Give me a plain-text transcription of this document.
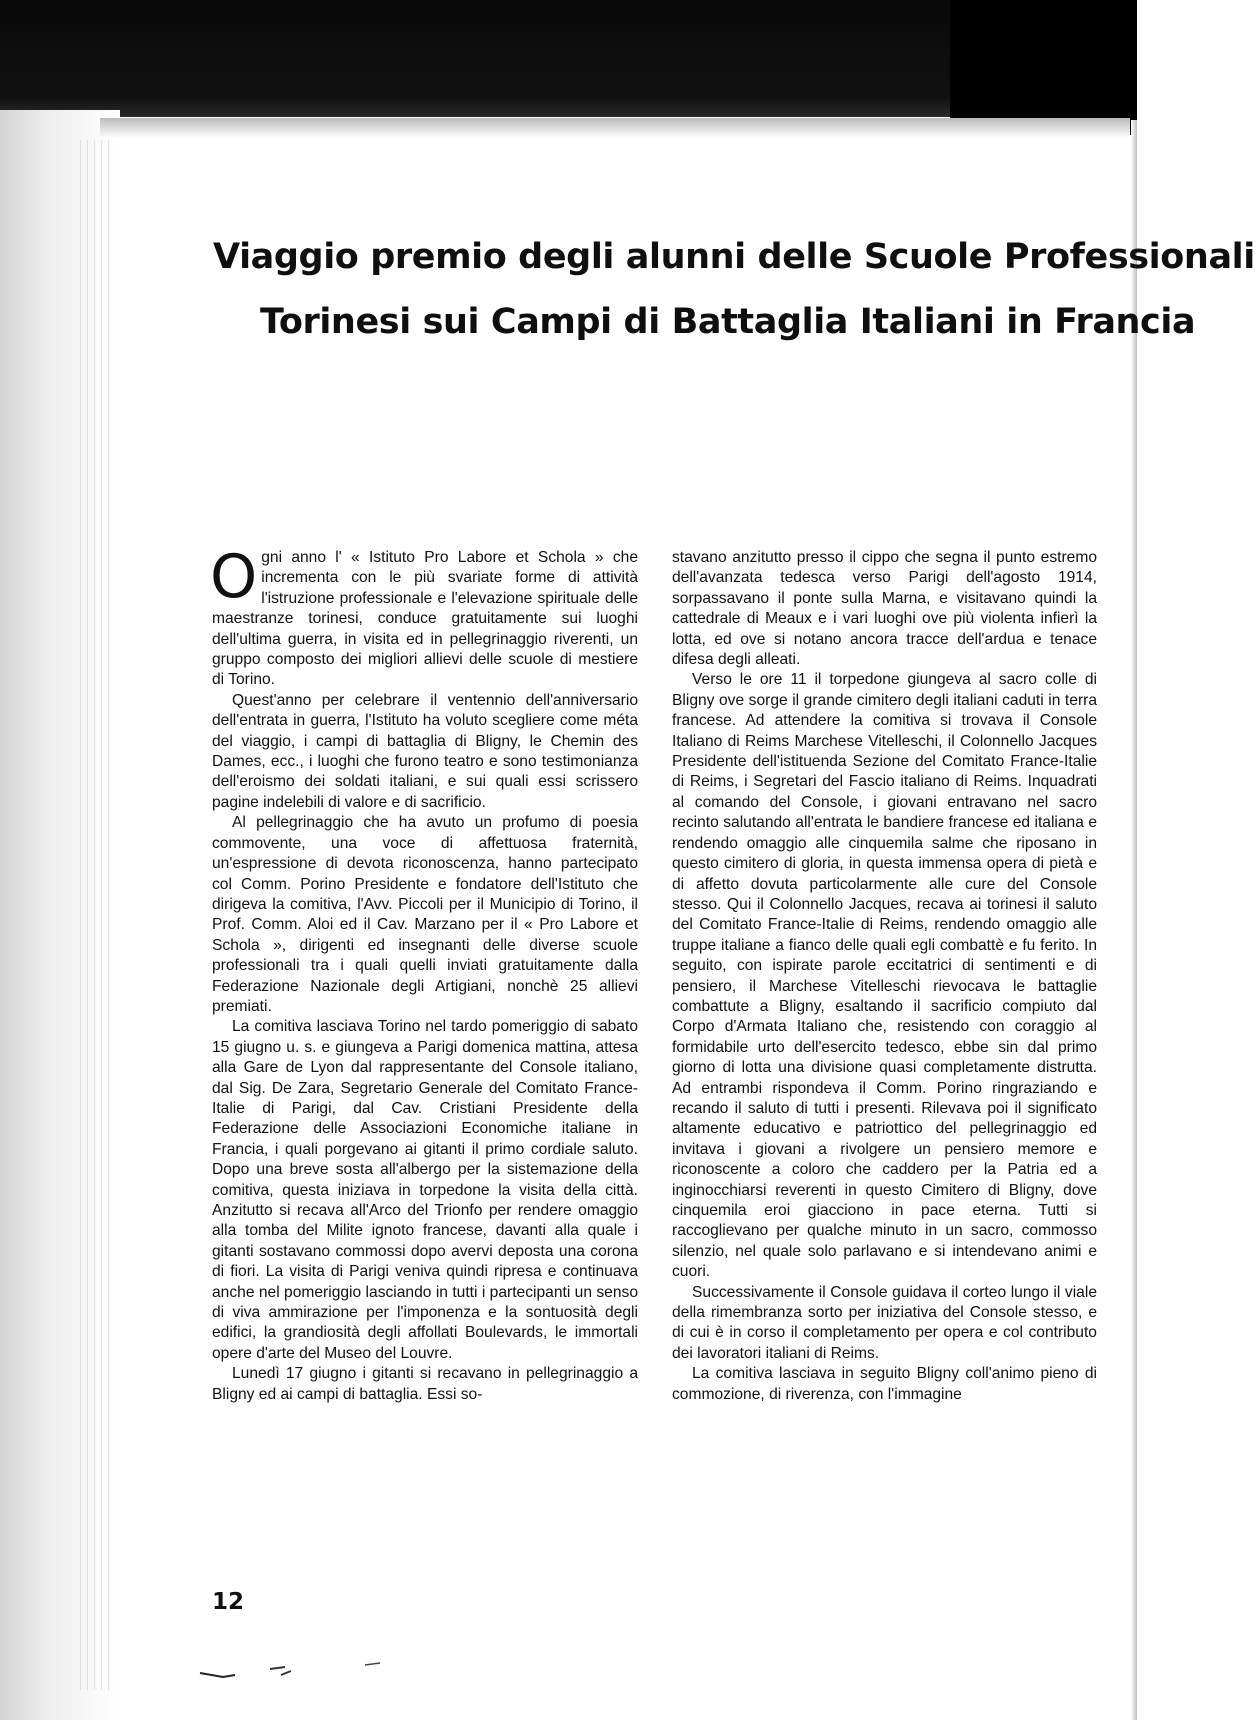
Viaggio premio degli alunni delle Scuole Professionali
Torinesi sui Campi di Battaglia Italiani in Francia

Ogni anno l' « Istituto Pro Labore et Schola » che incrementa con le più svariate forme di attività l'istruzione professionale e l'elevazione spirituale delle maestranze torinesi, conduce gratuitamente sui luoghi dell'ultima guerra, in visita ed in pellegrinaggio riverenti, un gruppo composto dei migliori allievi delle scuole di mestiere di Torino.

Quest'anno per celebrare il ventennio dell'anniversario dell'entrata in guerra, l'Istituto ha voluto scegliere come méta del viaggio, i campi di battaglia di Bligny, le Chemin des Dames, ecc., i luoghi che furono teatro e sono testimonianza dell'eroismo dei soldati italiani, e sui quali essi scrissero pagine indelebili di valore e di sacrificio.

Al pellegrinaggio che ha avuto un profumo di poesia commovente, una voce di affettuosa fraternità, un'espressione di devota riconoscenza, hanno partecipato col Comm. Porino Presidente e fondatore dell'Istituto che dirigeva la comitiva, l'Avv. Piccoli per il Municipio di Torino, il Prof. Comm. Aloi ed il Cav. Marzano per il « Pro Labore et Schola », dirigenti ed insegnanti delle diverse scuole professionali tra i quali quelli inviati gratuitamente dalla Federazione Nazionale degli Artigiani, nonchè 25 allievi premiati.

La comitiva lasciava Torino nel tardo pomeriggio di sabato 15 giugno u. s. e giungeva a Parigi domenica mattina, attesa alla Gare de Lyon dal rappresentante del Console italiano, dal Sig. De Zara, Segretario Generale del Comitato France-Italie di Parigi, dal Cav. Cristiani Presidente della Federazione delle Associazioni Economiche italiane in Francia, i quali porgevano ai gitanti il primo cordiale saluto. Dopo una breve sosta all'albergo per la sistemazione della comitiva, questa iniziava in torpedone la visita della città. Anzitutto si recava all'Arco del Trionfo per rendere omaggio alla tomba del Milite ignoto francese, davanti alla quale i gitanti sostavano commossi dopo avervi deposta una corona di fiori. La visita di Parigi veniva quindi ripresa e continuava anche nel pomeriggio lasciando in tutti i partecipanti un senso di viva ammirazione per l'imponenza e la sontuosità degli edifici, la grandiosità degli affollati Boulevards, le immortali opere d'arte del Museo del Louvre.

Lunedì 17 giugno i gitanti si recavano in pellegrinaggio a Bligny ed ai campi di battaglia. Essi so-

stavano anzitutto presso il cippo che segna il punto estremo dell'avanzata tedesca verso Parigi dell'agosto 1914, sorpassavano il ponte sulla Marna, e visitavano quindi la cattedrale di Meaux e i vari luoghi ove più violenta infierì la lotta, ed ove si notano ancora tracce dell'ardua e tenace difesa degli alleati.

Verso le ore 11 il torpedone giungeva al sacro colle di Bligny ove sorge il grande cimitero degli italiani caduti in terra francese. Ad attendere la comitiva si trovava il Console Italiano di Reims Marchese Vitelleschi, il Colonnello Jacques Presidente dell'istituenda Sezione del Comitato France-Italie di Reims, i Segretari del Fascio italiano di Reims. Inquadrati al comando del Console, i giovani entravano nel sacro recinto salutando all'entrata le bandiere francese ed italiana e rendendo omaggio alle cinquemila salme che riposano in questo cimitero di gloria, in questa immensa opera di pietà e di affetto dovuta particolarmente alle cure del Console stesso. Qui il Colonnello Jacques, recava ai torinesi il saluto del Comitato France-Italie di Reims, rendendo omaggio alle truppe italiane a fianco delle quali egli combattè e fu ferito. In seguito, con ispirate parole eccitatrici di sentimenti e di pensiero, il Marchese Vitelleschi rievocava le battaglie combattute a Bligny, esaltando il sacrificio compiuto dal Corpo d'Armata Italiano che, resistendo con coraggio al formidabile urto dell'esercito tedesco, ebbe sin dal primo giorno di lotta una divisione quasi completamente distrutta. Ad entrambi rispondeva il Comm. Porino ringraziando e recando il saluto di tutti i presenti. Rilevava poi il significato altamente educativo e patriottico del pellegrinaggio ed invitava i giovani a rivolgere un pensiero memore e riconoscente a coloro che caddero per la Patria ed a inginocchiarsi reverenti in questo Cimitero di Bligny, dove cinquemila eroi giacciono in pace eterna. Tutti si raccoglievano per qualche minuto in un sacro, commosso silenzio, nel quale solo parlavano e si intendevano animi e cuori.

Successivamente il Console guidava il corteo lungo il viale della rimembranza sorto per iniziativa del Console stesso, e di cui è in corso il completamento per opera e col contributo dei lavoratori italiani di Reims.

La comitiva lasciava in seguito Bligny coll'animo pieno di commozione, di riverenza, con l'immagine

12
